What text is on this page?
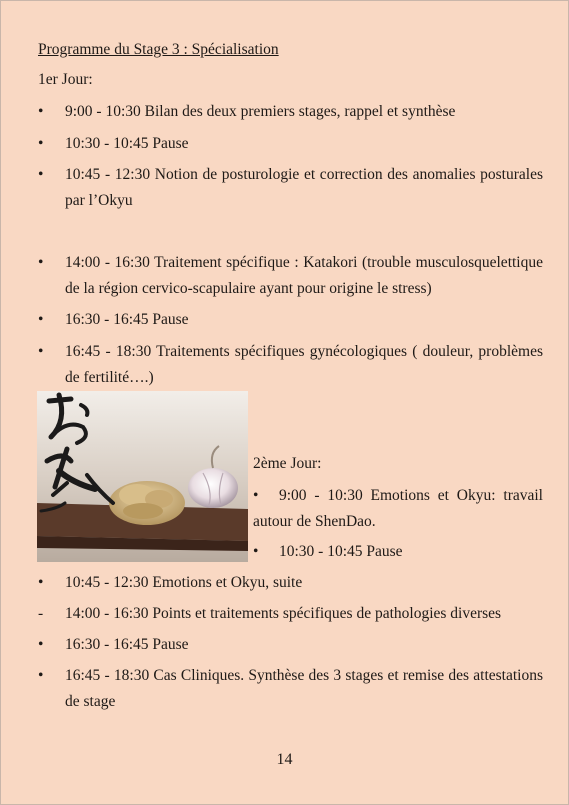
Programme du Stage 3 : Spécialisation
1er Jour:
• 9:00 - 10:30 Bilan des deux premiers stages, rappel et synthèse
• 10:30 - 10:45 Pause
• 10:45 - 12:30 Notion de posturologie et correction des anomalies posturales par l’Okyu
• 14:00 - 16:30 Traitement spécifique : Katakori (trouble musculosquelettique de la région cervico-scapulaire ayant pour origine le stress)
• 16:30 - 16:45 Pause
• 16:45 - 18:30 Traitements spécifiques gynécologiques ( douleur, problèmes de fertilité….)
2ème Jour:
•	9:00 - 10:30 Emotions et Okyu: travail autour de ShenDao.
• 10:30 - 10:45 Pause
• 10:45 - 12:30 Emotions et Okyu, suite
- 14:00 - 16:30 Points et traitements spécifiques de pathologies diverses
• 16:30 - 16:45 Pause
• 16:45 - 18:30 Cas Cliniques. Synthèse des 3 stages et remise des attestations de stage
14
